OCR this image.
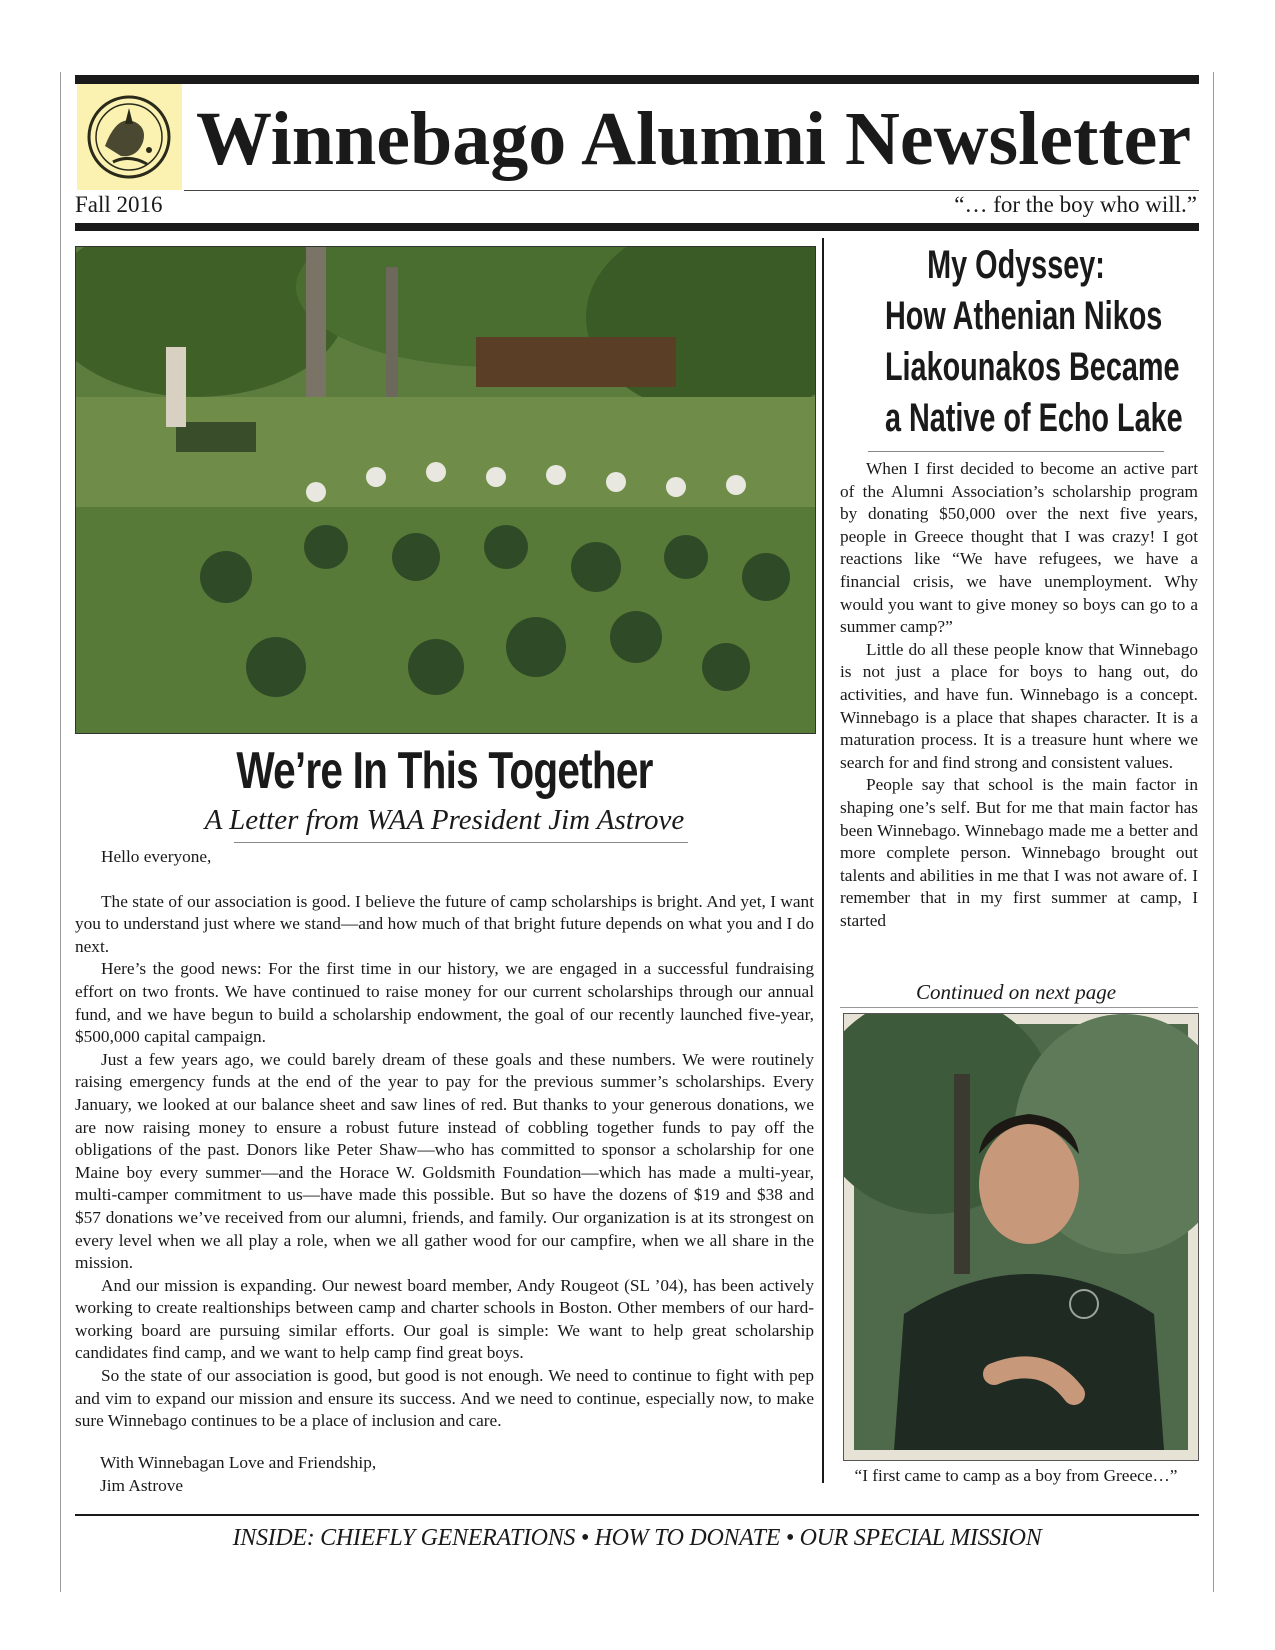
Winnebago Alumni Newsletter
Fall 2016	“… for the boy who will.”
We’re In This Together
A Letter from WAA President Jim Astrove

Hello everyone,

The state of our association is good. I believe the future of camp scholarships is bright. And yet, I want you to understand just where we stand—and how much of that bright future depends on what you and I do next.

Here’s the good news: For the first time in our history, we are engaged in a successful fundraising effort on two fronts. We have continued to raise money for our current scholarships through our annual fund, and we have begun to build a scholarship endowment, the goal of our recently launched five-year, $500,000 capital campaign.

Just a few years ago, we could barely dream of these goals and these numbers. We were routinely raising emergency funds at the end of the year to pay for the previous summer’s scholarships. Every January, we looked at our balance sheet and saw lines of red. But thanks to your generous donations, we are now raising money to ensure a robust future instead of cobbling together funds to pay off the obligations of the past. Donors like Peter Shaw—who has committed to sponsor a scholarship for one Maine boy every summer—and the Horace W. Goldsmith Foundation—which has made a multi-year, multi-camper commitment to us—have made this possible. But so have the dozens of $19 and $38 and $57 donations we’ve received from our alumni, friends, and family. Our organization is at its strongest on every level when we all play a role, when we all gather wood for our campfire, when we all share in the mission.

And our mission is expanding. Our newest board member, Andy Rougeot (SL ’04), has been actively working to create realtionships between camp and charter schools in Boston. Other members of our hard-working board are pursuing similar efforts. Our goal is simple: We want to help great scholarship candidates find camp, and we want to help camp find great boys.

So the state of our association is good, but good is not enough. We need to continue to fight with pep and vim to expand our mission and ensure its success. And we need to continue, especially now, to make sure Winnebago continues to be a place of inclusion and care.

With Winnebagan Love and Friendship,
Jim Astrove
My Odyssey:
How Athenian Nikos
Liakounakos Became
a Native of Echo Lake

When I first decided to become an active part of the Alumni Association’s scholarship program by donating $50,000 over the next five years, people in Greece thought that I was crazy! I got reactions like “We have refugees, we have a financial crisis, we have unemployment. Why would you want to give money so boys can go to a summer camp?”

Little do all these people know that Winnebago is not just a place for boys to hang out, do activities, and have fun. Winnebago is a concept. Winnebago is a place that shapes character. It is a maturation process. It is a treasure hunt where we search for and find strong and consistent values.

People say that school is the main factor in shaping one’s self. But for me that main factor has been Winnebago. Winnebago made me a better and more complete person. Winnebago brought out talents and abilities in me that I was not aware of. I remember that in my first summer at camp, I started

Continued on next page
“I first came to camp as a boy from Greece…”
INSIDE: CHIEFLY GENERATIONS • HOW TO DONATE • OUR SPECIAL MISSION
